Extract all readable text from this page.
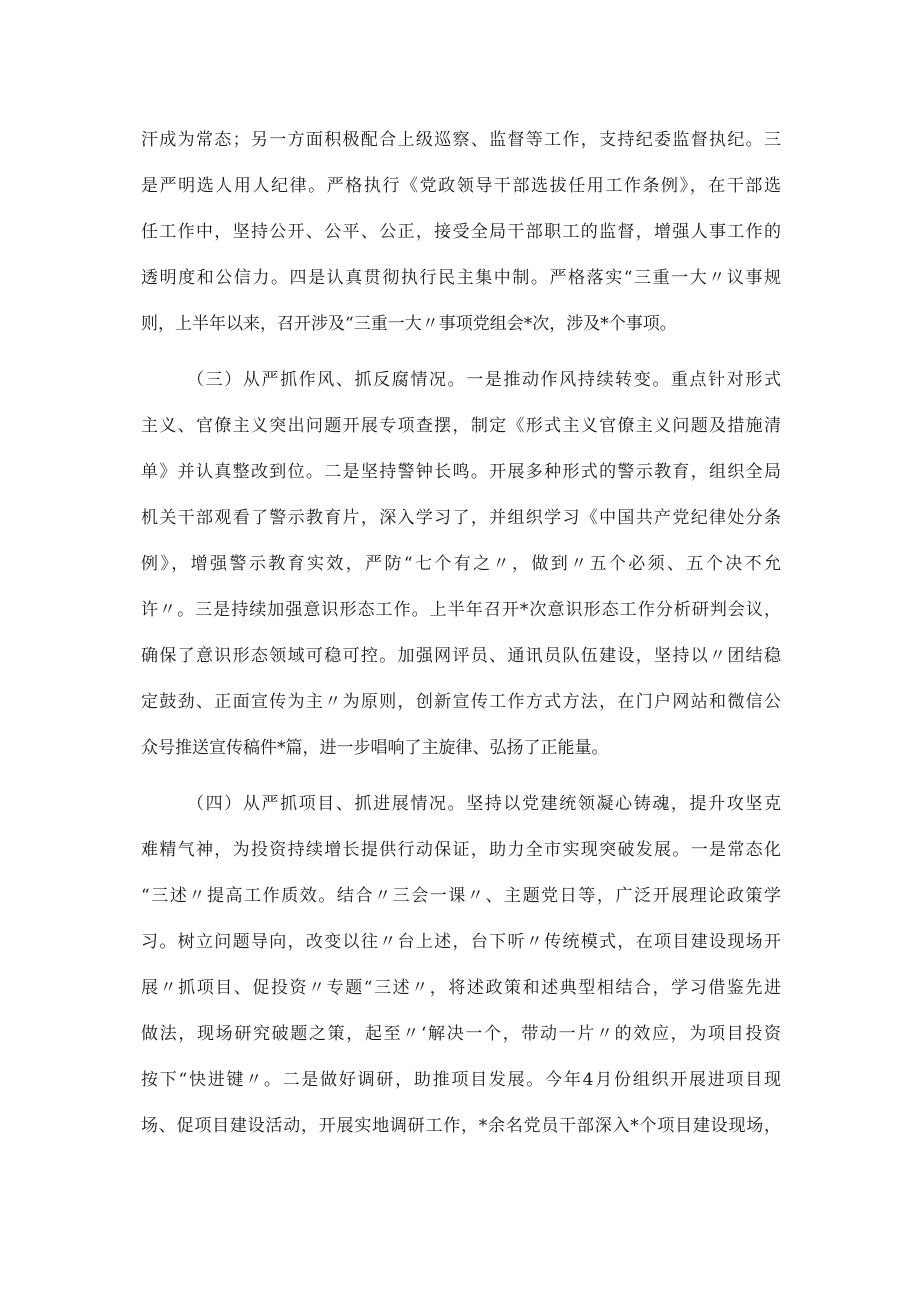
汗成为常态；另一方面积极配合上级巡察、监督等工作，支持纪委监督执纪。三
是严明选人用人纪律。严格执行《党政领导干部选拔任用工作条例》，在干部选
任工作中，坚持公开、公平、公正，接受全局干部职工的监督，增强人事工作的
透明度和公信力。四是认真贯彻执行民主集中制。严格落实“三重一大〃议事规
则，上半年以来，召开涉及“三重一大〃事项党组会*次，涉及*个事项。
（三）从严抓作风、抓反腐情况。一是推动作风持续转变。重点针对形式
主义、官僚主义突出问题开展专项查摆，制定《形式主义官僚主义问题及措施清
单》并认真整改到位。二是坚持警钟长鸣。开展多种形式的警示教育，组织全局
机关干部观看了警示教育片，深入学习了，并组织学习《中国共产党纪律处分条
例》，增强警示教育实效，严防“七个有之〃，做到〃五个必须、五个决不允
许〃。三是持续加强意识形态工作。上半年召开*次意识形态工作分析研判会议，
确保了意识形态领域可稳可控。加强网评员、通讯员队伍建设，坚持以〃团结稳
定鼓劲、正面宣传为主〃为原则，创新宣传工作方式方法，在门户网站和微信公
众号推送宣传稿件*篇，进一步唱响了主旋律、弘扬了正能量。
（四）从严抓项目、抓进展情况。坚持以党建统领凝心铸魂，提升攻坚克
难精气神，为投资持续增长提供行动保证，助力全市实现突破发展。一是常态化
“三述〃提高工作质效。结合〃三会一课〃、主题党日等，广泛开展理论政策学
习。树立问题导向，改变以往〃台上述，台下听〃传统模式，在项目建设现场开
展〃抓项目、促投资〃专题“三述〃，将述政策和述典型相结合，学习借鉴先进
做法，现场研究破题之策，起至〃‘解决一个，带动一片〃的效应，为项目投资
按下“快进键〃。二是做好调研，助推项目发展。今年4月份组织开展进项目现
场、促项目建设活动，开展实地调研工作，*余名党员干部深入*个项目建设现场，
